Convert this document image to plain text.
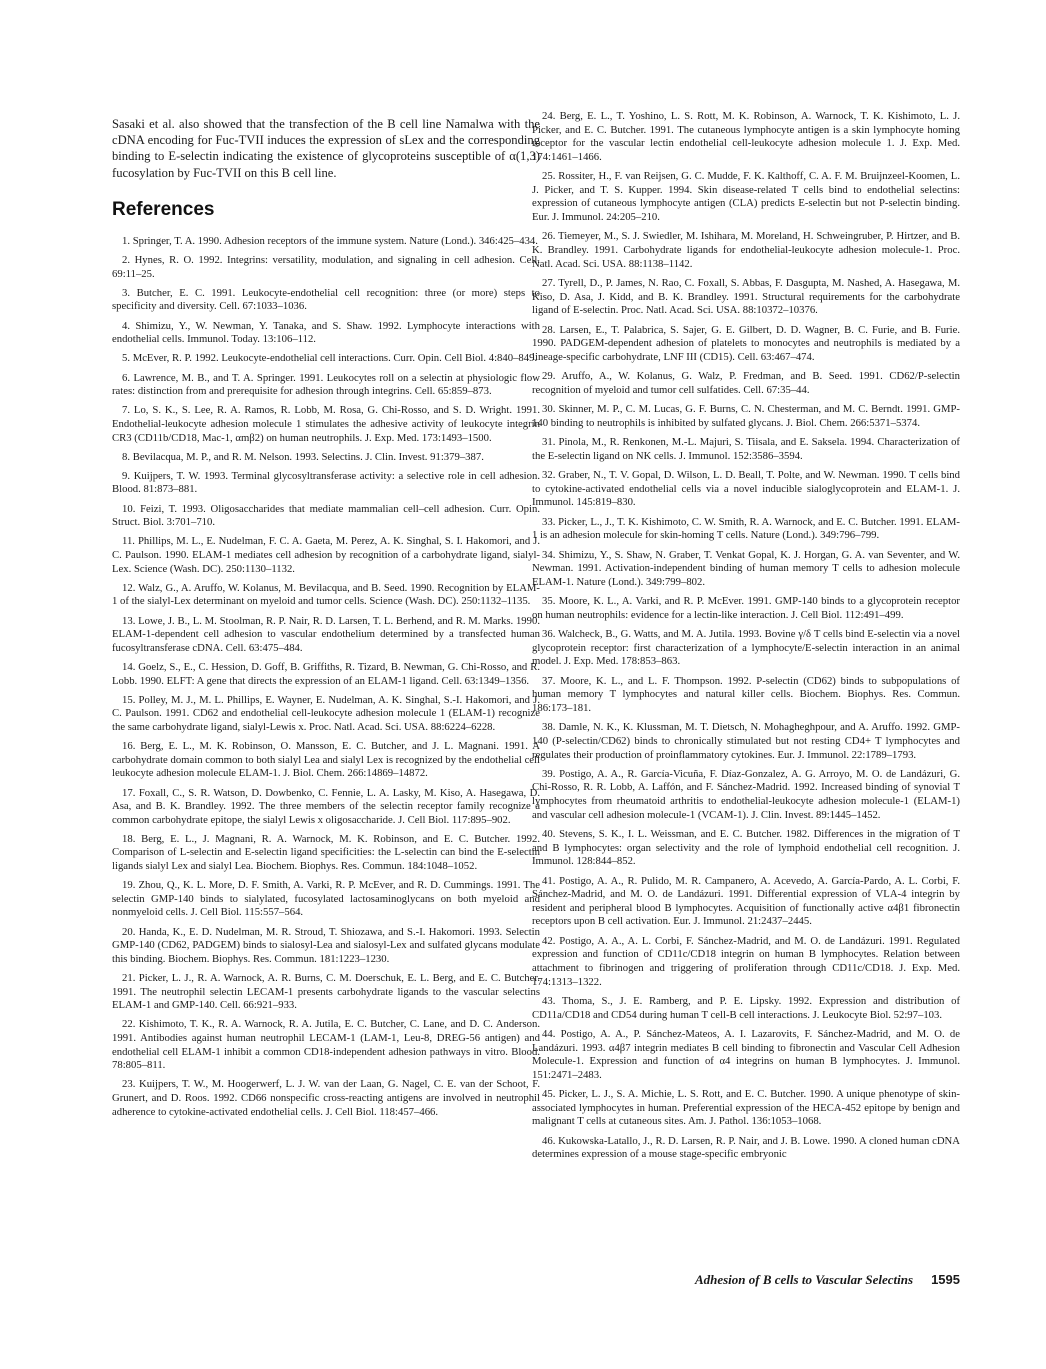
Sasaki et al. also showed that the transfection of the B cell line Namalwa with the cDNA encoding for Fuc-TVII induces the expression of sLex and the corresponding binding to E-selectin indicating the existence of glycoproteins susceptible of α(1,3) fucosylation by Fuc-TVII on this B cell line.

References

1. Springer, T. A. 1990. Adhesion receptors of the immune system. Nature (Lond.). 346:425–434.

2. Hynes, R. O. 1992. Integrins: versatility, modulation, and signaling in cell adhesion. Cell. 69:11–25.

3. Butcher, E. C. 1991. Leukocyte-endothelial cell recognition: three (or more) steps to specificity and diversity. Cell. 67:1033–1036.

4. Shimizu, Y., W. Newman, Y. Tanaka, and S. Shaw. 1992. Lymphocyte interactions with endothelial cells. Immunol. Today. 13:106–112.

5. McEver, R. P. 1992. Leukocyte-endothelial cell interactions. Curr. Opin. Cell Biol. 4:840–849.

6. Lawrence, M. B., and T. A. Springer. 1991. Leukocytes roll on a selectin at physiologic flow rates: distinction from and prerequisite for adhesion through integrins. Cell. 65:859–873.

7. Lo, S. K., S. Lee, R. A. Ramos, R. Lobb, M. Rosa, G. Chi-Rosso, and S. D. Wright. 1991. Endothelial-leukocyte adhesion molecule 1 stimulates the adhesive activity of leukocyte integrin CR3 (CD11b/CD18, Mac-1, αmβ2) on human neutrophils. J. Exp. Med. 173:1493–1500.

8. Bevilacqua, M. P., and R. M. Nelson. 1993. Selectins. J. Clin. Invest. 91:379–387.

9. Kuijpers, T. W. 1993. Terminal glycosyltransferase activity: a selective role in cell adhesion. Blood. 81:873–881.

10. Feizi, T. 1993. Oligosaccharides that mediate mammalian cell–cell adhesion. Curr. Opin. Struct. Biol. 3:701–710.

11. Phillips, M. L., E. Nudelman, F. C. A. Gaeta, M. Perez, A. K. Singhal, S. I. Hakomori, and J. C. Paulson. 1990. ELAM-1 mediates cell adhesion by recognition of a carbohydrate ligand, sialyl-Lex. Science (Wash. DC). 250:1130–1132.

12. Walz, G., A. Aruffo, W. Kolanus, M. Bevilacqua, and B. Seed. 1990. Recognition by ELAM-1 of the sialyl-Lex determinant on myeloid and tumor cells. Science (Wash. DC). 250:1132–1135.

13. Lowe, J. B., L. M. Stoolman, R. P. Nair, R. D. Larsen, T. L. Berhend, and R. M. Marks. 1990. ELAM-1-dependent cell adhesion to vascular endothelium determined by a transfected human fucosyltransferase cDNA. Cell. 63:475–484.

14. Goelz, S., E., C. Hession, D. Goff, B. Griffiths, R. Tizard, B. Newman, G. Chi-Rosso, and R. Lobb. 1990. ELFT: A gene that directs the expression of an ELAM-1 ligand. Cell. 63:1349–1356.

15. Polley, M. J., M. L. Phillips, E. Wayner, E. Nudelman, A. K. Singhal, S.-I. Hakomori, and J. C. Paulson. 1991. CD62 and endothelial cell-leukocyte adhesion molecule 1 (ELAM-1) recognize the same carbohydrate ligand, sialyl-Lewis x. Proc. Natl. Acad. Sci. USA. 88:6224–6228.

16. Berg, E. L., M. K. Robinson, O. Mansson, E. C. Butcher, and J. L. Magnani. 1991. A carbohydrate domain common to both sialyl Lea and sialyl Lex is recognized by the endothelial cell leukocyte adhesion molecule ELAM-1. J. Biol. Chem. 266:14869–14872.

17. Foxall, C., S. R. Watson, D. Dowbenko, C. Fennie, L. A. Lasky, M. Kiso, A. Hasegawa, D. Asa, and B. K. Brandley. 1992. The three members of the selectin receptor family recognize a common carbohydrate epitope, the sialyl Lewis x oligosaccharide. J. Cell Biol. 117:895–902.

18. Berg, E. L., J. Magnani, R. A. Warnock, M. K. Robinson, and E. C. Butcher. 1992. Comparison of L-selectin and E-selectin ligand specificities: the L-selectin can bind the E-selectin ligands sialyl Lex and sialyl Lea. Biochem. Biophys. Res. Commun. 184:1048–1052.

19. Zhou, Q., K. L. More, D. F. Smith, A. Varki, R. P. McEver, and R. D. Cummings. 1991. The selectin GMP-140 binds to sialylated, fucosylated lactosaminoglycans on both myeloid and nonmyeloid cells. J. Cell Biol. 115:557–564.

20. Handa, K., E. D. Nudelman, M. R. Stroud, T. Shiozawa, and S.-I. Hakomori. 1993. Selectin GMP-140 (CD62, PADGEM) binds to sialosyl-Lea and sialosyl-Lex and sulfated glycans modulate this binding. Biochem. Biophys. Res. Commun. 181:1223–1230.

21. Picker, L. J., R. A. Warnock, A. R. Burns, C. M. Doerschuk, E. L. Berg, and E. C. Butcher. 1991. The neutrophil selectin LECAM-1 presents carbohydrate ligands to the vascular selectins ELAM-1 and GMP-140. Cell. 66:921–933.

22. Kishimoto, T. K., R. A. Warnock, R. A. Jutila, E. C. Butcher, C. Lane, and D. C. Anderson. 1991. Antibodies against human neutrophil LECAM-1 (LAM-1, Leu-8, DREG-56 antigen) and endothelial cell ELAM-1 inhibit a common CD18-independent adhesion pathways in vitro. Blood. 78:805–811.

23. Kuijpers, T. W., M. Hoogerwerf, L. J. W. van der Laan, G. Nagel, C. E. van der Schoot, F. Grunert, and D. Roos. 1992. CD66 nonspecific cross-reacting antigens are involved in neutrophil adherence to cytokine-activated endothelial cells. J. Cell Biol. 118:457–466.

24. Berg, E. L., T. Yoshino, L. S. Rott, M. K. Robinson, A. Warnock, T. K. Kishimoto, L. J. Picker, and E. C. Butcher. 1991. The cutaneous lymphocyte antigen is a skin lymphocyte homing receptor for the vascular lectin endothelial cell-leukocyte adhesion molecule 1. J. Exp. Med. 174:1461–1466.

25. Rossiter, H., F. van Reijsen, G. C. Mudde, F. K. Kalthoff, C. A. F. M. Bruijnzeel-Koomen, L. J. Picker, and T. S. Kupper. 1994. Skin disease-related T cells bind to endothelial selectins: expression of cutaneous lymphocyte antigen (CLA) predicts E-selectin but not P-selectin binding. Eur. J. Immunol. 24:205–210.

26. Tiemeyer, M., S. J. Swiedler, M. Ishihara, M. Moreland, H. Schweingruber, P. Hirtzer, and B. K. Brandley. 1991. Carbohydrate ligands for endothelial-leukocyte adhesion molecule-1. Proc. Natl. Acad. Sci. USA. 88:1138–1142.

27. Tyrell, D., P. James, N. Rao, C. Foxall, S. Abbas, F. Dasgupta, M. Nashed, A. Hasegawa, M. Kiso, D. Asa, J. Kidd, and B. K. Brandley. 1991. Structural requirements for the carbohydrate ligand of E-selectin. Proc. Natl. Acad. Sci. USA. 88:10372–10376.

28. Larsen, E., T. Palabrica, S. Sajer, G. E. Gilbert, D. D. Wagner, B. C. Furie, and B. Furie. 1990. PADGEM-dependent adhesion of platelets to monocytes and neutrophils is mediated by a lineage-specific carbohydrate, LNF III (CD15). Cell. 63:467–474.

29. Aruffo, A., W. Kolanus, G. Walz, P. Fredman, and B. Seed. 1991. CD62/P-selectin recognition of myeloid and tumor cell sulfatides. Cell. 67:35–44.

30. Skinner, M. P., C. M. Lucas, G. F. Burns, C. N. Chesterman, and M. C. Berndt. 1991. GMP-140 binding to neutrophils is inhibited by sulfated glycans. J. Biol. Chem. 266:5371–5374.

31. Pinola, M., R. Renkonen, M.-L. Majuri, S. Tiisala, and E. Saksela. 1994. Characterization of the E-selectin ligand on NK cells. J. Immunol. 152:3586–3594.

32. Graber, N., T. V. Gopal, D. Wilson, L. D. Beall, T. Polte, and W. Newman. 1990. T cells bind to cytokine-activated endothelial cells via a novel inducible sialoglycoprotein and ELAM-1. J. Immunol. 145:819–830.

33. Picker, L., J., T. K. Kishimoto, C. W. Smith, R. A. Warnock, and E. C. Butcher. 1991. ELAM-1 is an adhesion molecule for skin-homing T cells. Nature (Lond.). 349:796–799.

34. Shimizu, Y., S. Shaw, N. Graber, T. Venkat Gopal, K. J. Horgan, G. A. van Seventer, and W. Newman. 1991. Activation-independent binding of human memory T cells to adhesion molecule ELAM-1. Nature (Lond.). 349:799–802.

35. Moore, K. L., A. Varki, and R. P. McEver. 1991. GMP-140 binds to a glycoprotein receptor on human neutrophils: evidence for a lectin-like interaction. J. Cell Biol. 112:491–499.

36. Walcheck, B., G. Watts, and M. A. Jutila. 1993. Bovine γ/δ T cells bind E-selectin via a novel glycoprotein receptor: first characterization of a lymphocyte/E-selectin interaction in an animal model. J. Exp. Med. 178:853–863.

37. Moore, K. L., and L. F. Thompson. 1992. P-selectin (CD62) binds to subpopulations of human memory T lymphocytes and natural killer cells. Biochem. Biophys. Res. Commun. 186:173–181.

38. Damle, N. K., K. Klussman, M. T. Dietsch, N. Mohagheghpour, and A. Aruffo. 1992. GMP-140 (P-selectin/CD62) binds to chronically stimulated but not resting CD4+ T lymphocytes and regulates their production of proinflammatory cytokines. Eur. J. Immunol. 22:1789–1793.

39. Postigo, A. A., R. García-Vicuña, F. Díaz-Gonzalez, A. G. Arroyo, M. O. de Landázuri, G. Chi-Rosso, R. R. Lobb, A. Laffón, and F. Sánchez-Madrid. 1992. Increased binding of synovial T lymphocytes from rheumatoid arthritis to endothelial-leukocyte adhesion molecule-1 (ELAM-1) and vascular cell adhesion molecule-1 (VCAM-1). J. Clin. Invest. 89:1445–1452.

40. Stevens, S. K., I. L. Weissman, and E. C. Butcher. 1982. Differences in the migration of T and B lymphocytes: organ selectivity and the role of lymphoid endothelial cell recognition. J. Immunol. 128:844–852.

41. Postigo, A. A., R. Pulido, M. R. Campanero, A. Acevedo, A. García-Pardo, A. L. Corbi, F. Sánchez-Madrid, and M. O. de Landázuri. 1991. Differential expression of VLA-4 integrin by resident and peripheral blood B lymphocytes. Acquisition of functionally active α4β1 fibronectin receptors upon B cell activation. Eur. J. Immunol. 21:2437–2445.

42. Postigo, A. A., A. L. Corbi, F. Sánchez-Madrid, and M. O. de Landázuri. 1991. Regulated expression and function of CD11c/CD18 integrin on human B lymphocytes. Relation between attachment to fibrinogen and triggering of proliferation through CD11c/CD18. J. Exp. Med. 174:1313–1322.

43. Thoma, S., J. E. Ramberg, and P. E. Lipsky. 1992. Expression and distribution of CD11a/CD18 and CD54 during human T cell-B cell interactions. J. Leukocyte Biol. 52:97–103.

44. Postigo, A. A., P. Sánchez-Mateos, A. I. Lazarovits, F. Sánchez-Madrid, and M. O. de Landázuri. 1993. α4β7 integrin mediates B cell binding to fibronectin and Vascular Cell Adhesion Molecule-1. Expression and function of α4 integrins on human B lymphocytes. J. Immunol. 151:2471–2483.

45. Picker, L. J., S. A. Michie, L. S. Rott, and E. C. Butcher. 1990. A unique phenotype of skin-associated lymphocytes in human. Preferential expression of the HECA-452 epitope by benign and malignant T cells at cutaneous sites. Am. J. Pathol. 136:1053–1068.

46. Kukowska-Latallo, J., R. D. Larsen, R. P. Nair, and J. B. Lowe. 1990. A cloned human cDNA determines expression of a mouse stage-specific embryonic

Adhesion of B cells to Vascular Selectins 1595
